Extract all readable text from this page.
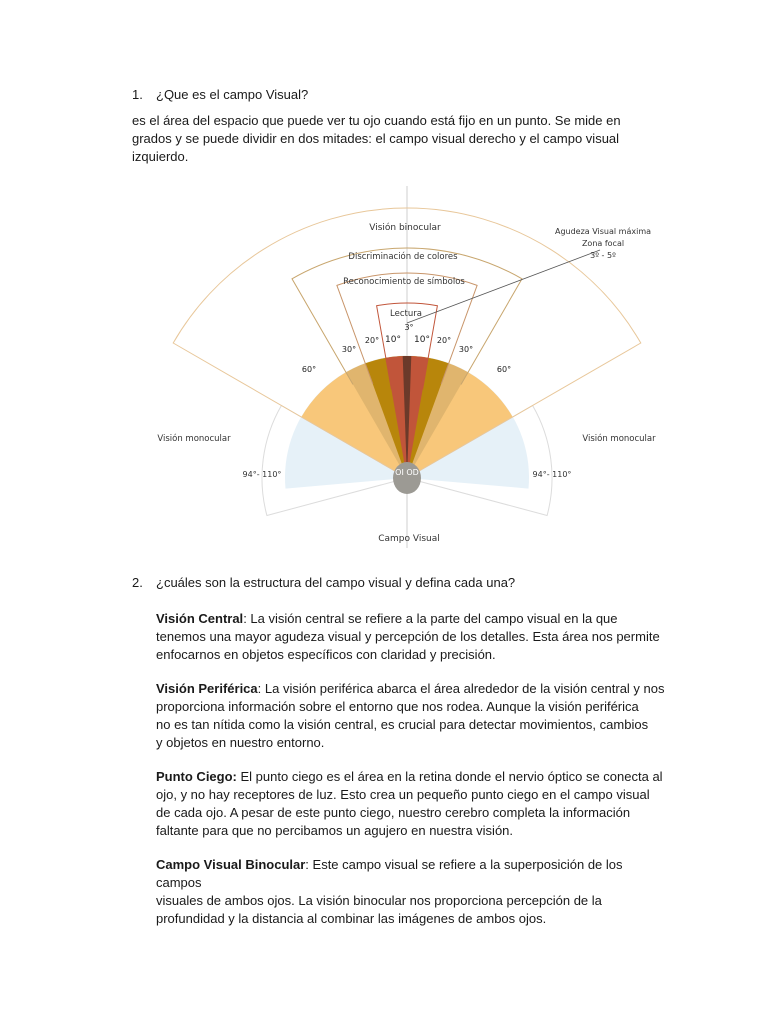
1. ¿Que es el campo Visual?

es el área del espacio que puede ver tu ojo cuando está fijo en un punto. Se mide en

grados y se puede dividir en dos mitades: el campo visual derecho y el campo visual

izquierdo.

Visión binocular
Discriminación de colores
Reconocimiento de símbolos
Lectura
Agudeza Visual máxima
Zona focal
3º - 5º
3°
10° 10°
20°	20°
30°	30°
60°	60°
Visión monocular	Visión monocular
94°- 110°	94°- 110°
OI OD
Campo Visual
2. ¿cuáles son la estructura del campo visual y defina cada una?

Visión Central: La visión central se refiere a la parte del campo visual en la que

tenemos una mayor agudeza visual y percepción de los detalles. Esta área nos permite

enfocarnos en objetos específicos con claridad y precisión.

Visión Periférica: La visión periférica abarca el área alrededor de la visión central y nos

proporciona información sobre el entorno que nos rodea. Aunque la visión periférica

no es tan nítida como la visión central, es crucial para detectar movimientos, cambios

y objetos en nuestro entorno.

Punto Ciego: El punto ciego es el área en la retina donde el nervio óptico se conecta al

ojo, y no hay receptores de luz. Esto crea un pequeño punto ciego en el campo visual

de cada ojo. A pesar de este punto ciego, nuestro cerebro completa la información

faltante para que no percibamos un agujero en nuestra visión.

Campo Visual Binocular: Este campo visual se refiere a la superposición de los campos

visuales de ambos ojos. La visión binocular nos proporciona percepción de la

profundidad y la distancia al combinar las imágenes de ambos ojos.
